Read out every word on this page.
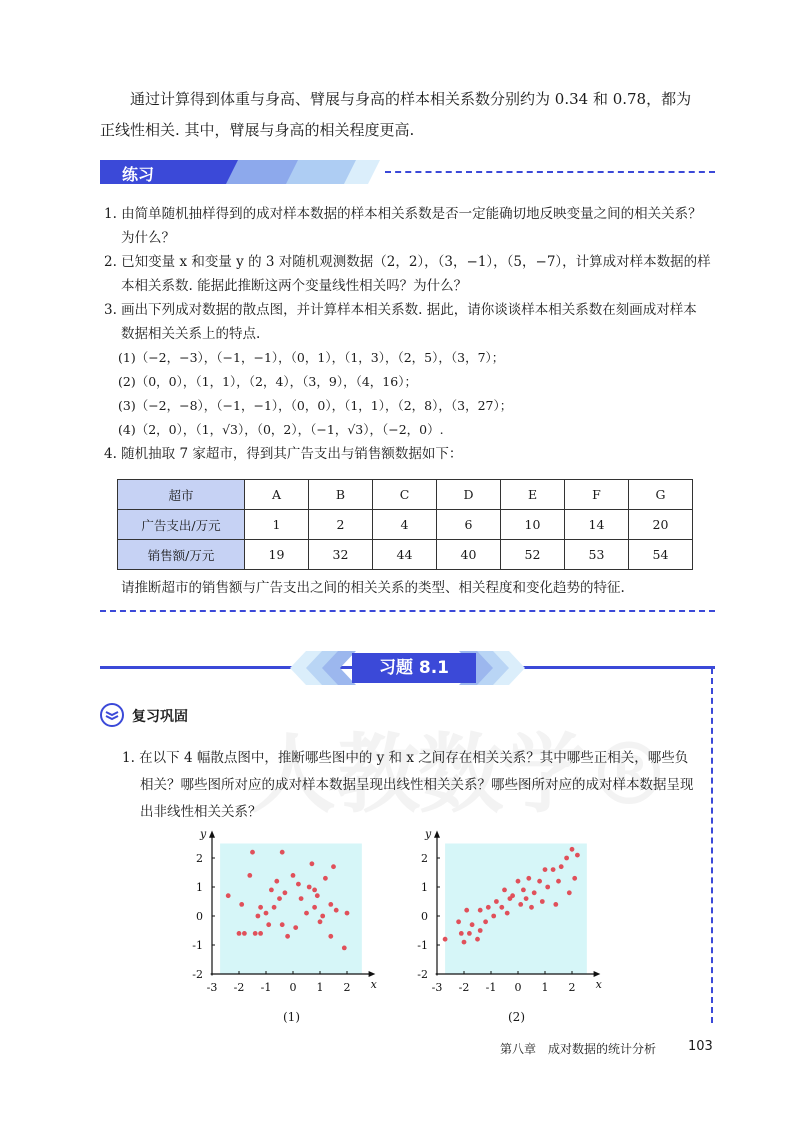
通过计算得到体重与身高、臂展与身高的样本相关系数分别约为 0.34 和 0.78，都为
正线性相关. 其中，臂展与身高的相关程度更高.
练习
1. 由简单随机抽样得到的成对样本数据的样本相关系数是否一定能确切地反映变量之间的相关关系？
为什么？
2. 已知变量 x 和变量 y 的 3 对随机观测数据（2，2），（3，−1），（5，−7），计算成对样本数据的样
本相关系数. 能据此推断这两个变量线性相关吗？为什么？
3. 画出下列成对数据的散点图，并计算样本相关系数. 据此，请你谈谈样本相关系数在刻画成对样本
数据相关关系上的特点.
(1)（−2，−3），（−1，−1），（0，1），（1，3），（2，5），（3，7）；
(2)（0，0），（1，1），（2，4），（3，9），（4，16）；
(3)（−2，−8），（−1，−1），（0，0），（1，1），（2，8），（3，27）；
(4)（2，0），（1，√3），（0，2），（−1，√3），（−2，0）.
4. 随机抽取 7 家超市，得到其广告支出与销售额数据如下：
超市	A	B	C	D	E	F	G
广告支出/万元	1	2	4	6	10	14	20
销售额/万元	19	32	44	40	52	53	54
请推断超市的销售额与广告支出之间的相关关系的类型、相关程度和变化趋势的特征.
习题 8.1
复习巩固
1. 在以下 4 幅散点图中，推断哪些图中的 y 和 x 之间存在相关关系？其中哪些正相关，哪些负
相关？哪些图所对应的成对样本数据呈现出线性相关关系？哪些图所对应的成对样本数据呈现
出非线性相关关系？
-3 -2 -1 0 1 2
-2
-1
0
1
2
x
y
-3 -2 -1 0 1 2
-2
-1
0
1
2
x
y
(1)	(2)
第八章　成对数据的统计分析 103
